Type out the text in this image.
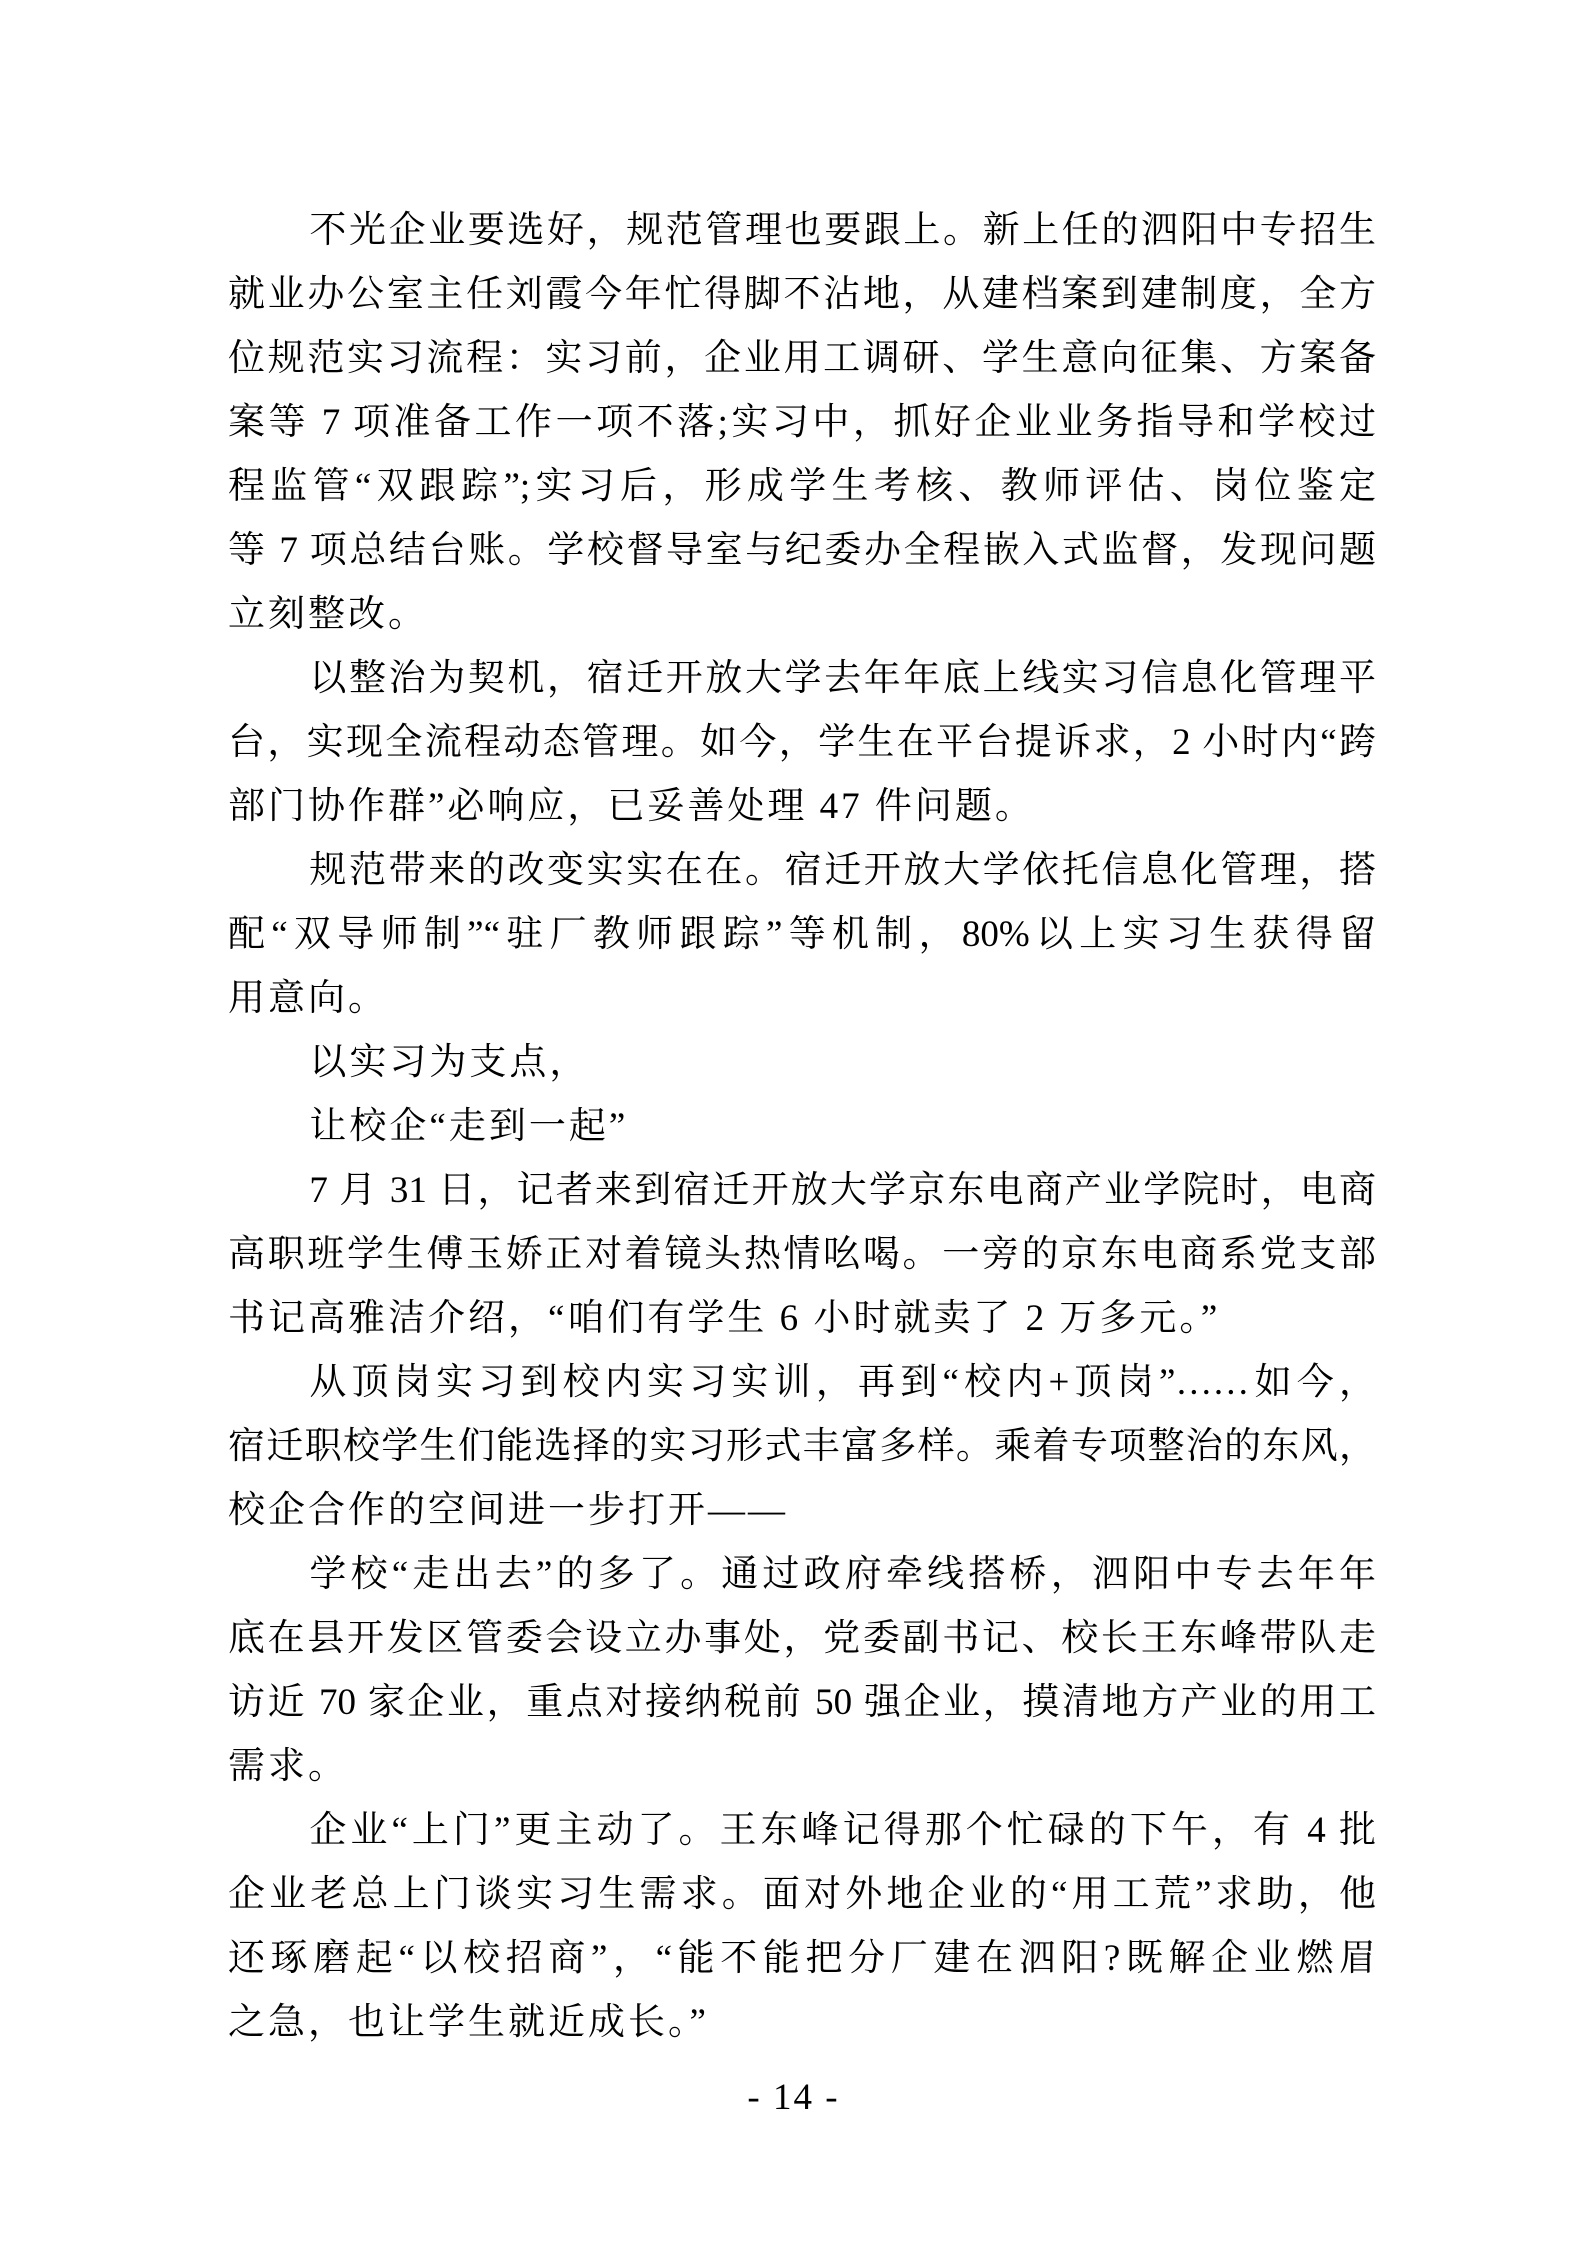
不光企业要选好，规范管理也要跟上。新上任的泗阳中专招生
就业办公室主任刘霞今年忙得脚不沾地，从建档案到建制度，全方
位规范实习流程：实习前，企业用工调研、学生意向征集、方案备
案等 7 项准备工作一项不落;实习中，抓好企业业务指导和学校过
程监管“双跟踪”;实习后，形成学生考核、教师评估、岗位鉴定
等 7 项总结台账。学校督导室与纪委办全程嵌入式监督，发现问题
立刻整改。
以整治为契机，宿迁开放大学去年年底上线实习信息化管理平
台，实现全流程动态管理。如今，学生在平台提诉求，2 小时内“跨
部门协作群”必响应，已妥善处理 47 件问题。
规范带来的改变实实在在。宿迁开放大学依托信息化管理，搭
配“双导师制”“驻厂教师跟踪”等机制，80%以上实习生获得留
用意向。
以实习为支点，
让校企“走到一起”
7 月 31 日，记者来到宿迁开放大学京东电商产业学院时，电商
高职班学生傅玉娇正对着镜头热情吆喝。一旁的京东电商系党支部
书记高雅洁介绍，“咱们有学生 6 小时就卖了 2 万多元。”
从顶岗实习到校内实习实训，再到“校内+顶岗”……如今，
宿迁职校学生们能选择的实习形式丰富多样。乘着专项整治的东风，
校企合作的空间进一步打开——
学校“走出去”的多了。通过政府牵线搭桥，泗阳中专去年年
底在县开发区管委会设立办事处，党委副书记、校长王东峰带队走
访近 70 家企业，重点对接纳税前 50 强企业，摸清地方产业的用工
需求。
企业“上门”更主动了。王东峰记得那个忙碌的下午，有 4 批
企业老总上门谈实习生需求。面对外地企业的“用工荒”求助，他
还琢磨起“以校招商”，“能不能把分厂建在泗阳?既解企业燃眉
之急，也让学生就近成长。”
- 14 -
